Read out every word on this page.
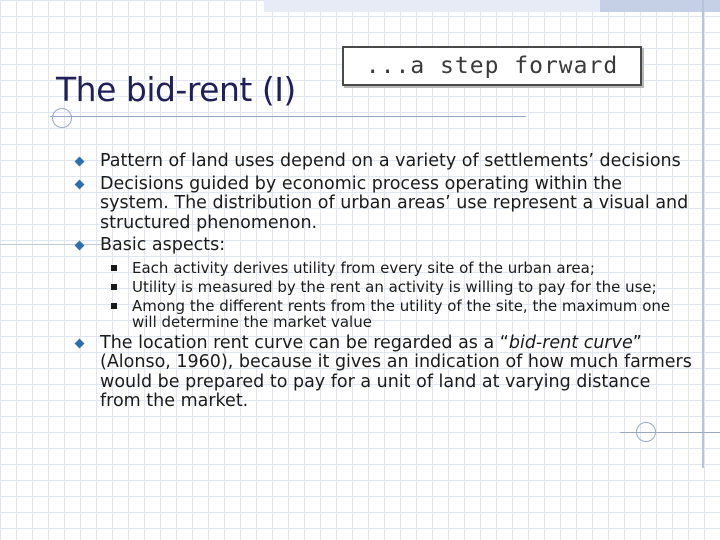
The bid-rent (I)
...a step forward
Pattern of land uses depend on a variety of settlements’ decisions
Decisions guided by economic process operating within the system. The distribution of urban areas’ use represent a visual and structured phenomenon.
Basic aspects:
Each activity derives utility from every site of the urban area;
Utility is measured by the rent an activity is willing to pay for the use;
Among the different rents from the utility of the site, the maximum one will determine the market value
The location rent curve can be regarded as a “bid-rent curve” (Alonso, 1960), because it gives an indication of how much farmers would be prepared to pay for a unit of land at varying distance from the market.
